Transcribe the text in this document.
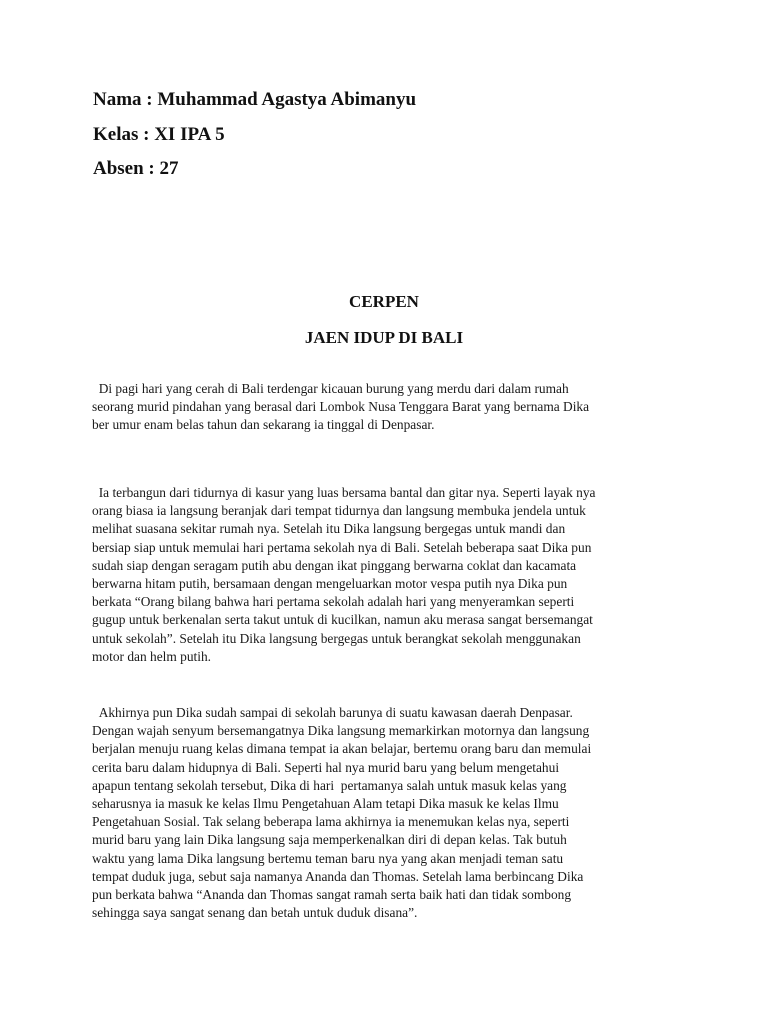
Nama : Muhammad Agastya Abimanyu
Kelas : XI IPA 5
Absen : 27
CERPEN
JAEN IDUP DI BALI
Di pagi hari yang cerah di Bali terdengar kicauan burung yang merdu dari dalam rumah
seorang murid pindahan yang berasal dari Lombok Nusa Tenggara Barat yang bernama Dika
ber umur enam belas tahun dan sekarang ia tinggal di Denpasar.
Ia terbangun dari tidurnya di kasur yang luas bersama bantal dan gitar nya. Seperti layak nya
orang biasa ia langsung beranjak dari tempat tidurnya dan langsung membuka jendela untuk
melihat suasana sekitar rumah nya. Setelah itu Dika langsung bergegas untuk mandi dan
bersiap siap untuk memulai hari pertama sekolah nya di Bali. Setelah beberapa saat Dika pun
sudah siap dengan seragam putih abu dengan ikat pinggang berwarna coklat dan kacamata
berwarna hitam putih, bersamaan dengan mengeluarkan motor vespa putih nya Dika pun
berkata “Orang bilang bahwa hari pertama sekolah adalah hari yang menyeramkan seperti
gugup untuk berkenalan serta takut untuk di kucilkan, namun aku merasa sangat bersemangat
untuk sekolah”. Setelah itu Dika langsung bergegas untuk berangkat sekolah menggunakan
motor dan helm putih.
Akhirnya pun Dika sudah sampai di sekolah barunya di suatu kawasan daerah Denpasar.
Dengan wajah senyum bersemangatnya Dika langsung memarkirkan motornya dan langsung
berjalan menuju ruang kelas dimana tempat ia akan belajar, bertemu orang baru dan memulai
cerita baru dalam hidupnya di Bali. Seperti hal nya murid baru yang belum mengetahui
apapun tentang sekolah tersebut, Dika di hari  pertamanya salah untuk masuk kelas yang
seharusnya ia masuk ke kelas Ilmu Pengetahuan Alam tetapi Dika masuk ke kelas Ilmu
Pengetahuan Sosial. Tak selang beberapa lama akhirnya ia menemukan kelas nya, seperti
murid baru yang lain Dika langsung saja memperkenalkan diri di depan kelas. Tak butuh
waktu yang lama Dika langsung bertemu teman baru nya yang akan menjadi teman satu
tempat duduk juga, sebut saja namanya Ananda dan Thomas. Setelah lama berbincang Dika
pun berkata bahwa “Ananda dan Thomas sangat ramah serta baik hati dan tidak sombong
sehingga saya sangat senang dan betah untuk duduk disana”.
